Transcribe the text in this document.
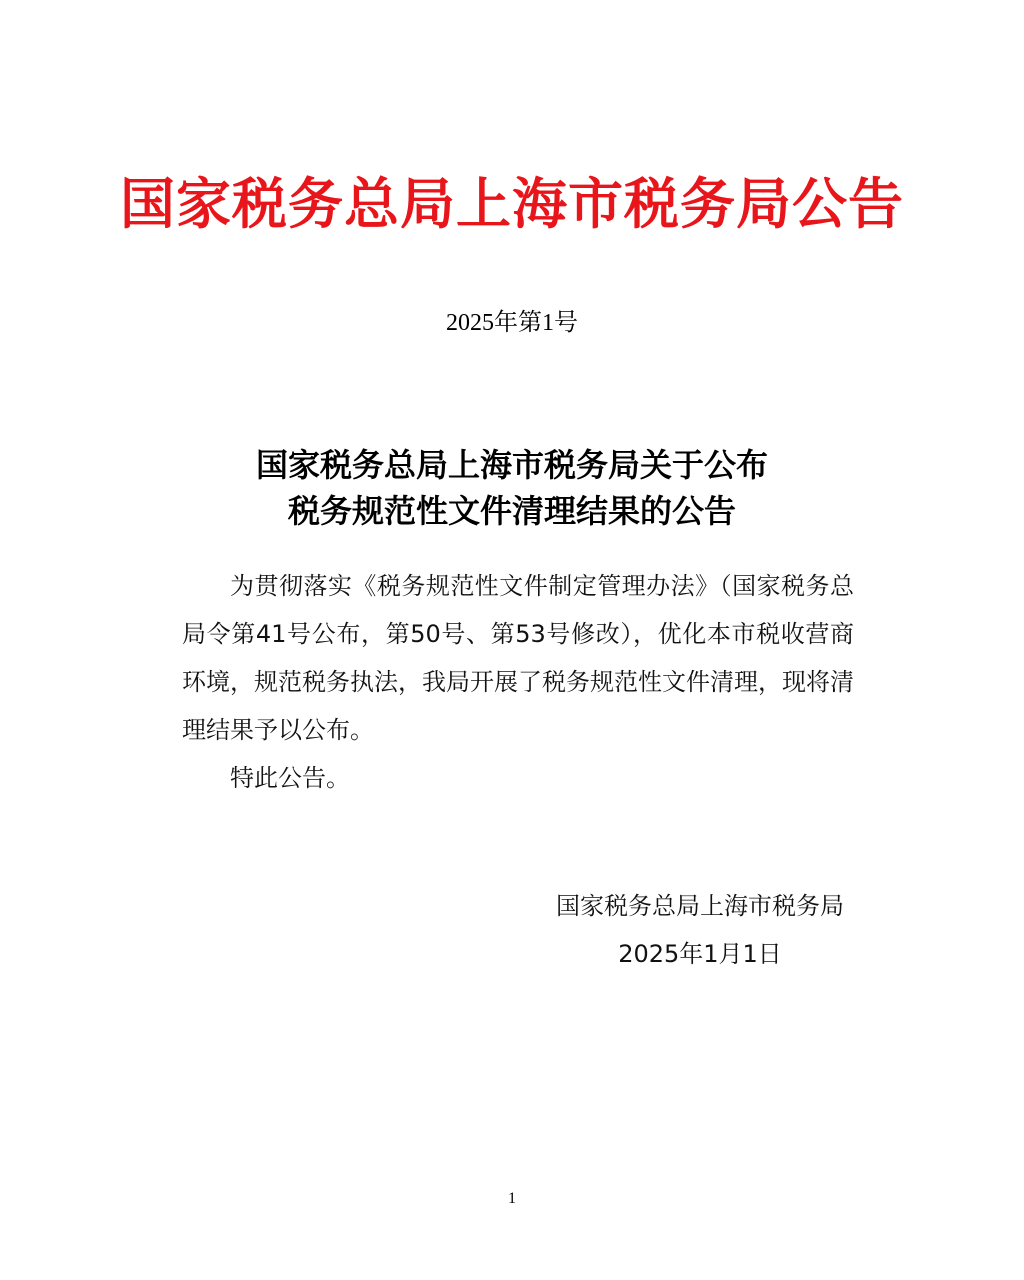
国家税务总局上海市税务局公告
2025年第1号
国家税务总局上海市税务局关于公布
税务规范性文件清理结果的公告

为贯彻落实《税务规范性文件制定管理办法》（国家税务总局令第41号公布，第50号、第53号修改），优化本市税收营商环境，规范税务执法，我局开展了税务规范性文件清理，现将清理结果予以公布。

特此公告。

国家税务总局上海市税务局
2025年1月1日
1
